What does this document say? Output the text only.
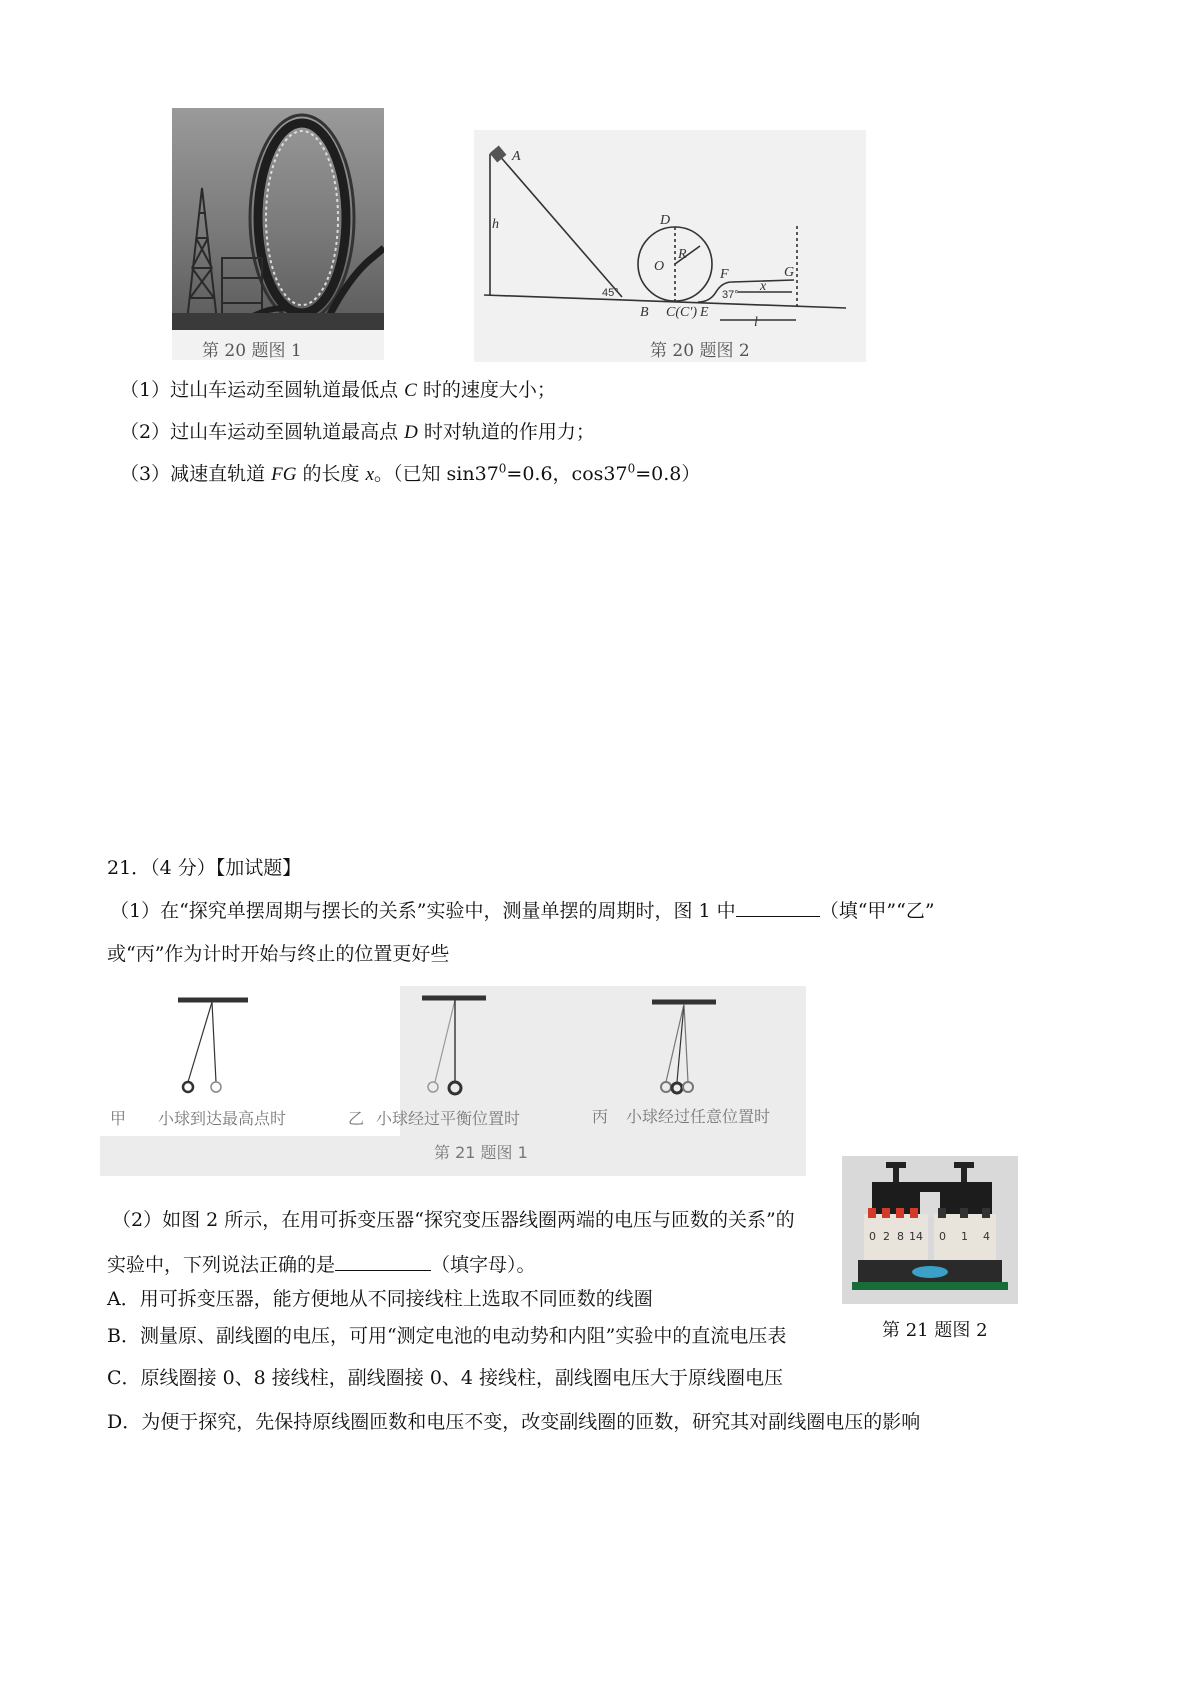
第 20 题图 1
A
h	D
R
O
F	G
x
B C(C') E
l
45°	37°
第 20 题图 2
（1）过山车运动至圆轨道最低点 C 时的速度大小；
（2）过山车运动至圆轨道最高点 D 时对轨道的作用力；
（3）减速直轨道 FG 的长度 x。（已知 $\sin 37^0=0.6$，$\cos 37^0=0.8$）
21．（4 分）【加试题】
（1）在“探究单摆周期与摆长的关系”实验中，测量单摆的周期时，图 1 中	（填“甲”“乙”
或“丙”作为计时开始与终止的位置更好些
甲 小球到达最高点时	乙 小球经过平衡位置时	丙 小球经过任意位置时
第 21 题图 1
0 2 8 14 0 1 4
第 21 题图 2
（2）如图 2 所示，在用可拆变压器“探究变压器线圈两端的电压与匝数的关系”的
实验中，下列说法正确的是	（填字母）。
A．用可拆变压器，能方便地从不同接线柱上选取不同匝数的线圈
B．测量原、副线圈的电压，可用“测定电池的电动势和内阻”实验中的直流电压表
C．原线圈接 0、8 接线柱，副线圈接 0、4 接线柱，副线圈电压大于原线圈电压
D．为便于探究，先保持原线圈匝数和电压不变，改变副线圈的匝数，研究其对副线圈电压的影响
